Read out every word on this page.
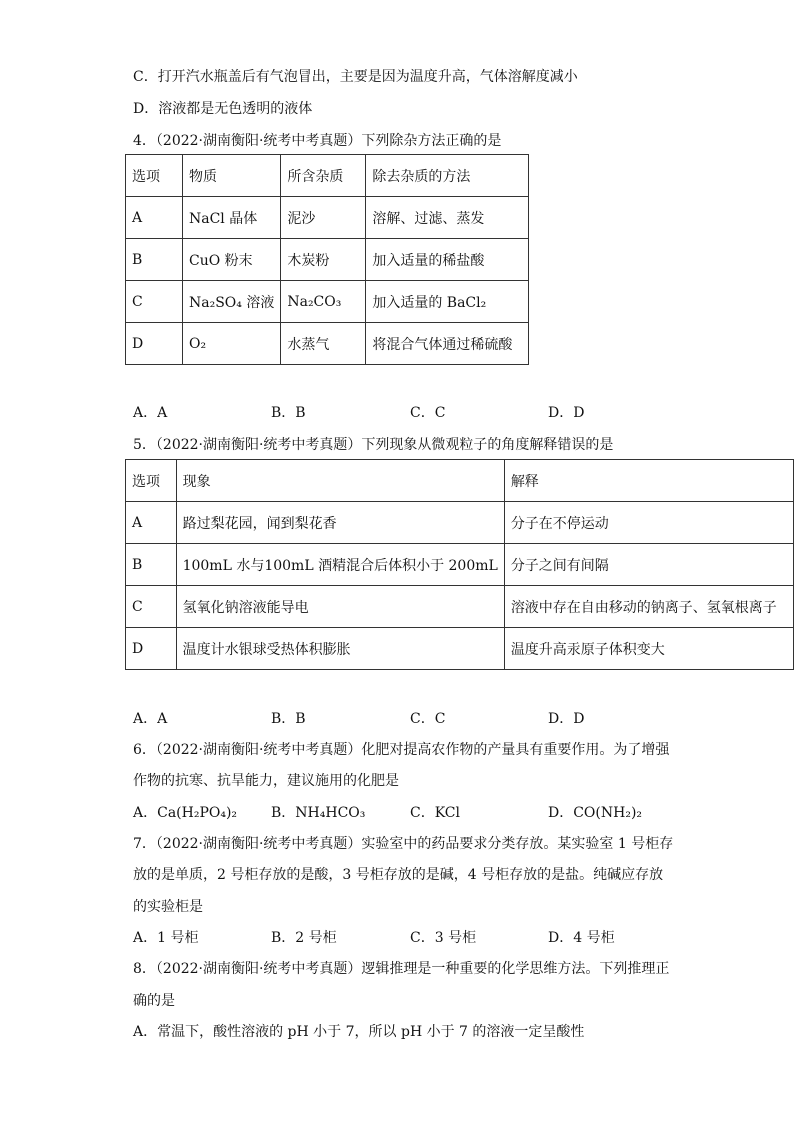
C．打开汽水瓶盖后有气泡冒出，主要是因为温度升高，气体溶解度减小
D．溶液都是无色透明的液体
4．（2022·湖南衡阳·统考中考真题）下列除杂方法正确的是
选项	物质	所含杂质	除去杂质的方法
A	NaCl 晶体	泥沙	溶解、过滤、蒸发
B	CuO 粉末	木炭粉	加入适量的稀盐酸
C	Na₂SO₄ 溶液	Na₂CO₃	加入适量的 BaCl₂
D	O₂	水蒸气	将混合气体通过稀硫酸
A．A	B．B	C．C	D．D
5．（2022·湖南衡阳·统考中考真题）下列现象从微观粒子的角度解释错误的是
选项	现象	解释
A	路过梨花园，闻到梨花香	分子在不停运动
B	100mL 水与100mL 酒精混合后体积小于 200mL	分子之间有间隔
C	氢氧化钠溶液能导电	溶液中存在自由移动的钠离子、氢氧根离子
D	温度计水银球受热体积膨胀	温度升高汞原子体积变大
A．A	B．B	C．C	D．D
6．（2022·湖南衡阳·统考中考真题）化肥对提高农作物的产量具有重要作用。为了增强
作物的抗寒、抗旱能力，建议施用的化肥是
A．Ca(H₂PO₄)₂ B．NH₄HCO₃	C．KCl	D．CO(NH₂)₂
7．（2022·湖南衡阳·统考中考真题）实验室中的药品要求分类存放。某实验室 1 号柜存
放的是单质，2 号柜存放的是酸，3 号柜存放的是碱，4 号柜存放的是盐。纯碱应存放
的实验柜是
A．1 号柜	B．2 号柜	C．3 号柜	D．4 号柜
8．（2022·湖南衡阳·统考中考真题）逻辑推理是一种重要的化学思维方法。下列推理正
确的是
A．常温下，酸性溶液的 pH 小于 7，所以 pH 小于 7 的溶液一定呈酸性
